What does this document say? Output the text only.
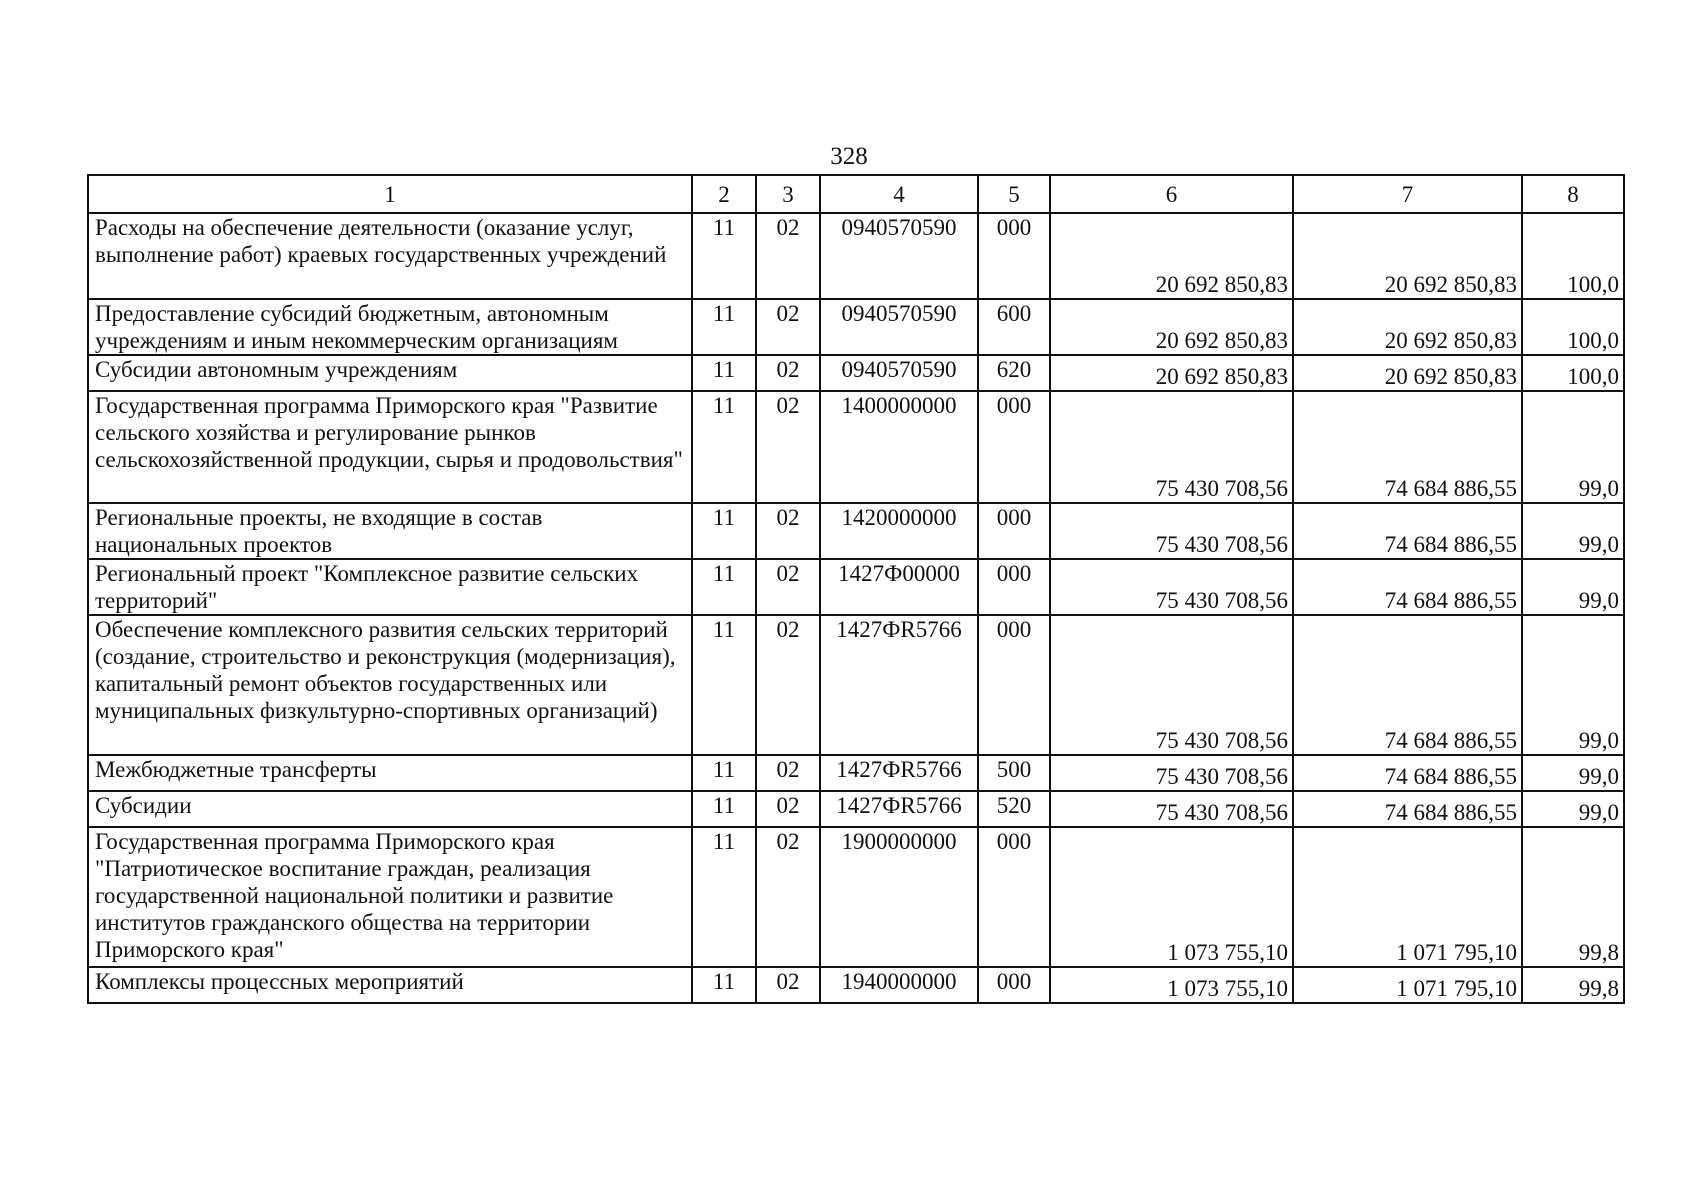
328
1	2	3	4	5	6	7	8
Расходы на обеспечение деятельности (оказание услуг, выполнение работ) краевых государственных учреждений	11	02	0940570590	000	20 692 850,83	20 692 850,83	100,0
Предоставление субсидий бюджетным, автономным учреждениям и иным некоммерческим организациям	11	02	0940570590	600	20 692 850,83	20 692 850,83	100,0
Субсидии автономным учреждениям	11	02	0940570590	620	20 692 850,83	20 692 850,83	100,0
Государственная программа Приморского края "Развитие сельского хозяйства и регулирование рынков сельскохозяйственной продукции, сырья и продовольствия"	11	02	1400000000	000	75 430 708,56	74 684 886,55	99,0
Региональные проекты, не входящие в состав национальных проектов	11	02	1420000000	000	75 430 708,56	74 684 886,55	99,0
Региональный проект "Комплексное развитие сельских территорий"	11	02	1427Ф00000	000	75 430 708,56	74 684 886,55	99,0
Обеспечение комплексного развития сельских территорий (создание, строительство и реконструкция (модернизация), капитальный ремонт объектов государственных или муниципальных физкультурно-спортивных организаций)	11	02	1427ФR5766	000	75 430 708,56	74 684 886,55	99,0
Межбюджетные трансферты	11	02	1427ФR5766	500	75 430 708,56	74 684 886,55	99,0
Субсидии	11	02	1427ФR5766	520	75 430 708,56	74 684 886,55	99,0
Государственная программа Приморского края "Патриотическое воспитание граждан, реализация государственной национальной политики и развитие институтов гражданского общества на территории Приморского края"	11	02	1900000000	000	1 073 755,10	1 071 795,10	99,8
Комплексы процессных мероприятий	11	02	1940000000	000	1 073 755,10	1 071 795,10	99,8
